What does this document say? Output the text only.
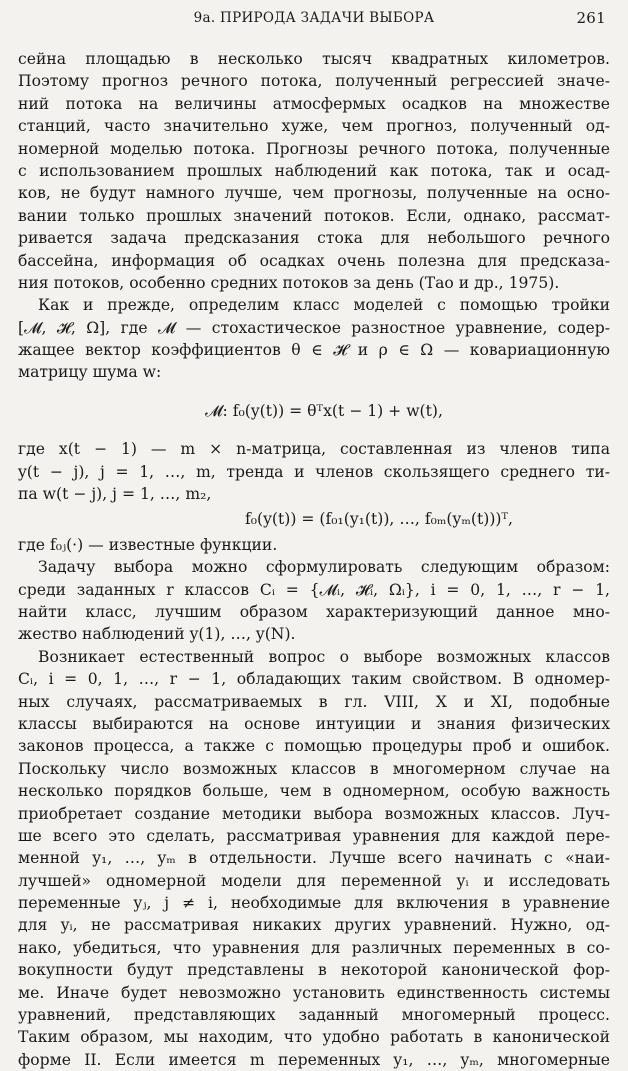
9a. ПРИРОДА ЗАДАЧИ ВЫБОРА	261
сейна площадью в несколько тысяч квадратных километров.
Поэтому прогноз речного потока, полученный регрессией значе-
ний потока на величины атмосфермых осадков на множестве
станций, часто значительно хуже, чем прогноз, полученный од-
номерной моделью потока. Прогнозы речного потока, полученные
с использованием прошлых наблюдений как потока, так и осад-
ков, не будут намного лучше, чем прогнозы, полученные на осно-
вании только прошлых значений потоков. Если, однако, рассмат-
ривается задача предсказания стока для небольшого речного
бассейна, информация об осадках очень полезна для предсказа-
ния потоков, особенно средних потоков за день (Тао и др., 1975).
Как и прежде, определим класс моделей с помощью тройки
[𝓜, 𝓗, Ω], где 𝓜 — стохастическое разностное уравнение, содер-
жащее вектор коэффициентов θ ∈ 𝓗 и ρ ∈ Ω — ковариационную
матрицу шума w:
𝓜: f₀(y(t)) = θᵀx(t − 1) + w(t),
где x(t − 1) — m × n-матрица, составленная из членов типа
y(t − j), j = 1, …, m, тренда и членов скользящего среднего ти-
па w(t − j), j = 1, …, m₂,
f₀(y(t)) = (f₀₁(y₁(t)), …, f₀ₘ(yₘ(t)))ᵀ,
где f₀ⱼ(·) — известные функции.
Задачу выбора можно сформулировать следующим образом:
среди заданных r классов Cᵢ = {𝓜ᵢ, 𝓗ᵢ, Ωᵢ}, i = 0, 1, …, r − 1,
найти класс, лучшим образом характеризующий данное мно-
жество наблюдений y(1), …, y(N).
Возникает естественный вопрос о выборе возможных классов
Cᵢ, i = 0, 1, …, r − 1, обладающих таким свойством. В одномер-
ных случаях, рассматриваемых в гл. VIII, X и XI, подобные
классы выбираются на основе интуиции и знания физических
законов процесса, а также с помощью процедуры проб и ошибок.
Поскольку число возможных классов в многомерном случае на
несколько порядков больше, чем в одномерном, особую важность
приобретает создание методики выбора возможных классов. Луч-
ше всего это сделать, рассматривая уравнения для каждой пере-
менной y₁, …, yₘ в отдельности. Лучше всего начинать с «наи-
лучшей» одномерной модели для переменной yᵢ и исследовать
переменные yⱼ, j ≠ i, необходимые для включения в уравнение
для yᵢ, не рассматривая никаких других уравнений. Нужно, од-
нако, убедиться, что уравнения для различных переменных в со-
вокупности будут представлены в некоторой канонической фор-
ме. Иначе будет невозможно установить единственность системы
уравнений, представляющих заданный многомерный процесс.
Таким образом, мы находим, что удобно работать в канонической
форме II. Если имеется m переменных y₁, …, yₘ, многомерные
